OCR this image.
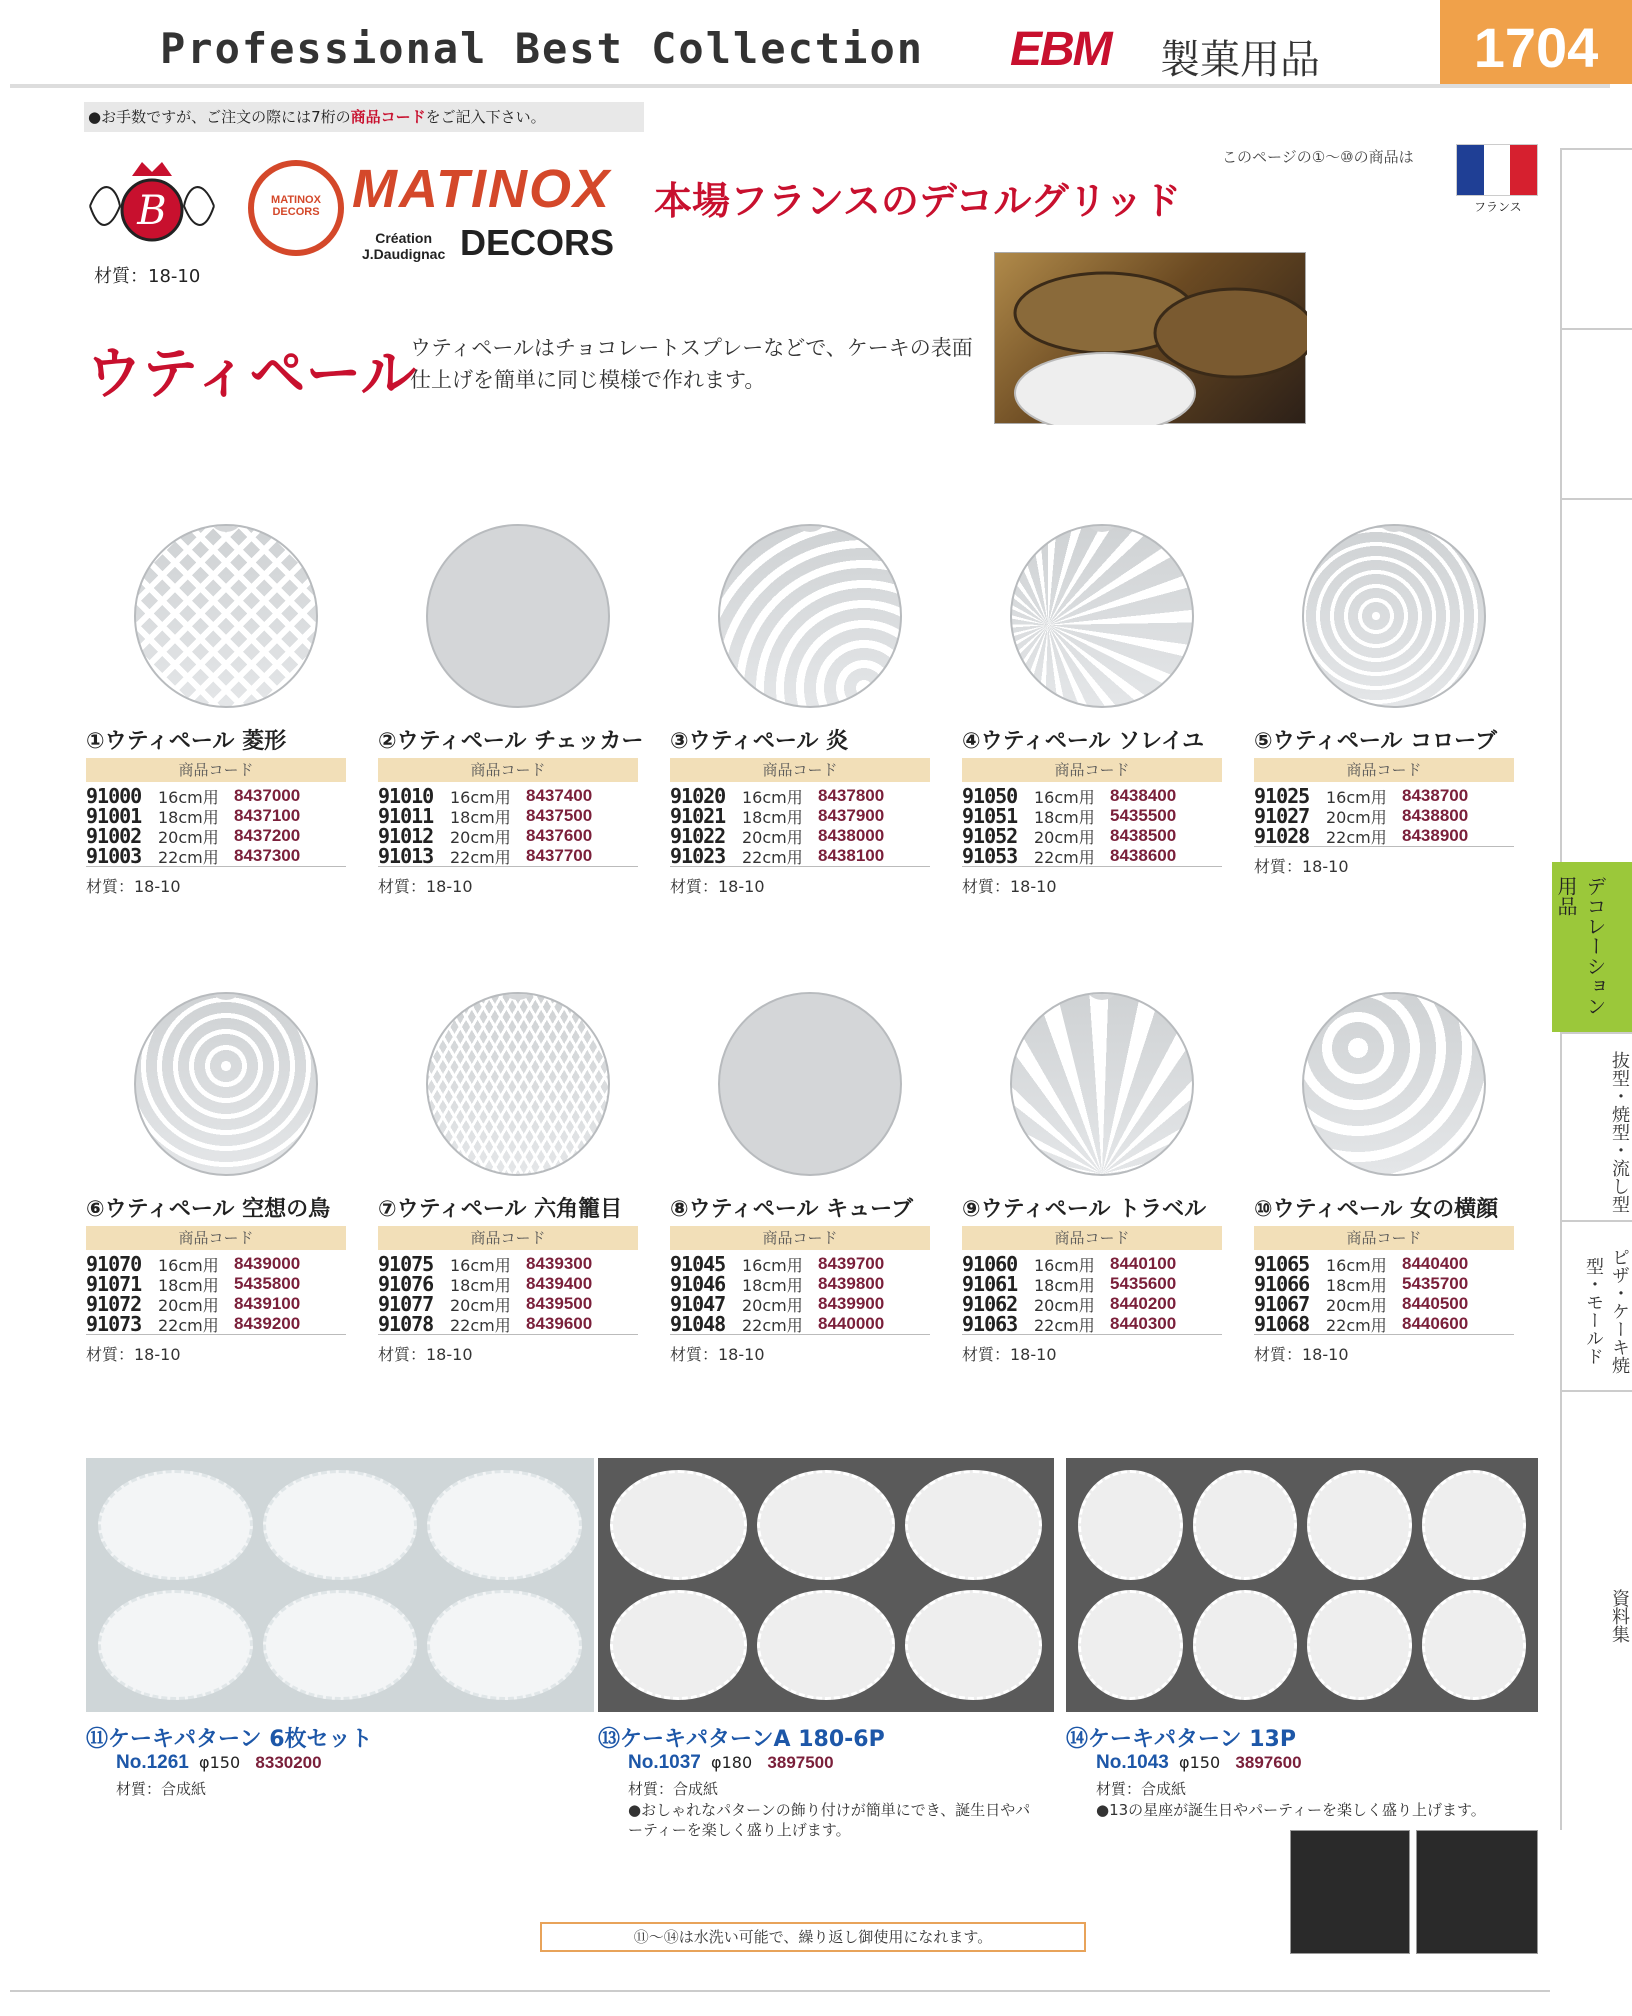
Professional Best Collection EBM 製菓用品	1704
●お手数ですが、ご注文の際には7桁の商品コードをご記入下さい。
B	MATINOX DECORS MATINOX
Création
J.Daudignac DECORS
材質：18-10
本場フランスのデコルグリッド
このページの①～⑩の商品は
フランス
ウティペール
ウティペールはチョコレートスプレーなどで、ケーキの表面仕上げを簡単に同じ模様で作れます。
デコレーション用品
抜型・焼型・流し型
ピザ・ケーキ焼型・モールド
資料集
①ウティペール 菱形
商品コード
91000	16cm用 8437000
91001	18cm用 8437100
91002	20cm用 8437200
91003	22cm用 8437300
材質：18-10
②ウティペール チェッカー
商品コード
91010	16cm用 8437400
91011	18cm用 8437500
91012	20cm用 8437600
91013	22cm用 8437700
材質：18-10
③ウティペール 炎
商品コード
91020	16cm用 8437800
91021	18cm用 8437900
91022	20cm用 8438000
91023	22cm用 8438100
材質：18-10
④ウティペール ソレイユ
商品コード
91050	16cm用 8438400
91051	18cm用 5435500
91052	20cm用 8438500
91053	22cm用 8438600
材質：18-10
⑤ウティペール コローブ
商品コード
91025	16cm用 8438700
91027	20cm用 8438800
91028	22cm用 8438900
材質：18-10
⑥ウティペール 空想の鳥
商品コード
91070	16cm用 8439000
91071	18cm用 5435800
91072	20cm用 8439100
91073	22cm用 8439200
材質：18-10
⑦ウティペール 六角籠目
商品コード
91075	16cm用 8439300
91076	18cm用 8439400
91077	20cm用 8439500
91078	22cm用 8439600
材質：18-10
⑧ウティペール キューブ
商品コード
91045	16cm用 8439700
91046	18cm用 8439800
91047	20cm用 8439900
91048	22cm用 8440000
材質：18-10
⑨ウティペール トラベル
商品コード
91060	16cm用 8440100
91061	18cm用 5435600
91062	20cm用 8440200
91063	22cm用 8440300
材質：18-10
⑩ウティペール 女の横顔
商品コード
91065	16cm用 8440400
91066	18cm用 5435700
91067	20cm用 8440500
91068	22cm用 8440600
材質：18-10
⑪ケーキパターン 6枚セット
No.1261 φ150 8330200
材質：合成紙
⑬ケーキパターンA 180-6P
No.1037 φ180 3897500
材質：合成紙
●おしゃれなパターンの飾り付けが簡単にでき、誕生日やパーティーを楽しく盛り上げます。
⑭ケーキパターン 13P
No.1043 φ150 3897600
材質：合成紙
●13の星座が誕生日やパーティーを楽しく盛り上げます。
⑪～⑭は水洗い可能で、繰り返し御使用になれます。
